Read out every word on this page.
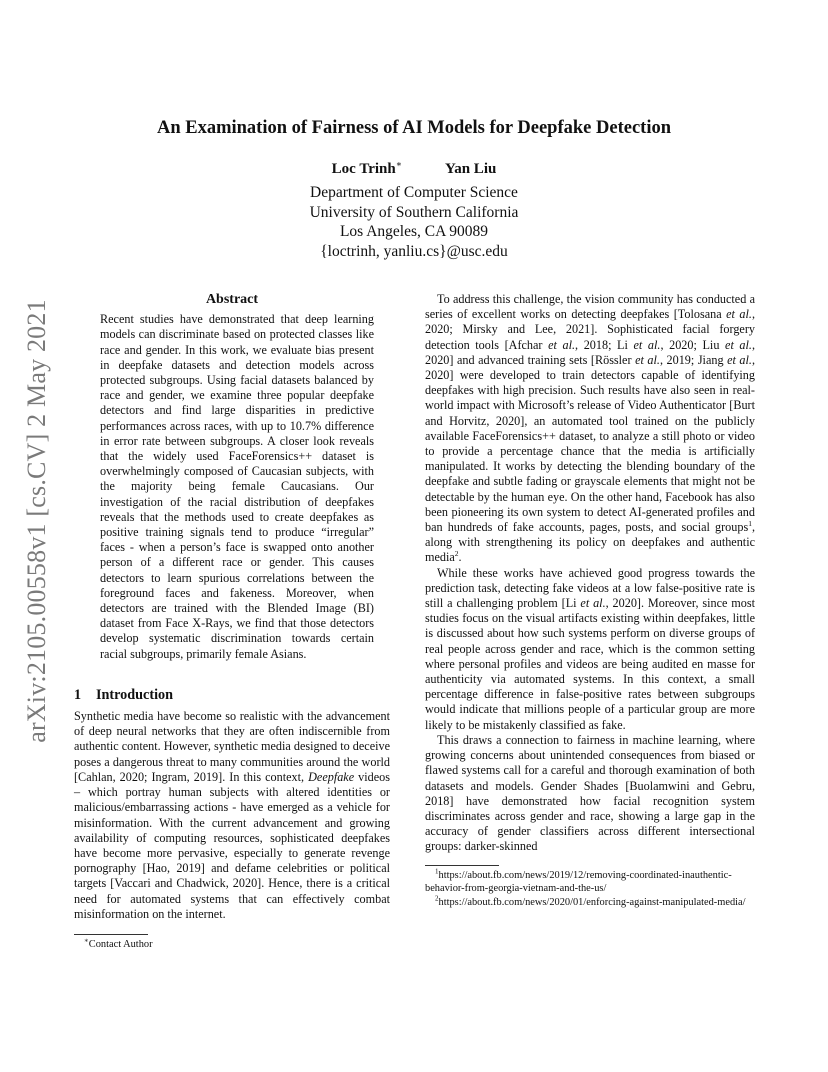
arXiv:2105.00558v1 [cs.CV] 2 May 2021
An Examination of Fairness of AI Models for Deepfake Detection
Loc Trinh∗	Yan Liu
Department of Computer Science
University of Southern California
Los Angeles, CA 90089
{loctrinh, yanliu.cs}@usc.edu

Abstract

Recent studies have demonstrated that deep learning models can discriminate based on protected classes like race and gender. In this work, we evaluate bias present in deepfake datasets and detection models across protected subgroups. Using facial datasets balanced by race and gender, we examine three popular deepfake detectors and find large disparities in predictive performances across races, with up to 10.7% difference in error rate between subgroups. A closer look reveals that the widely used FaceForensics++ dataset is overwhelmingly composed of Caucasian subjects, with the majority being female Caucasians. Our investigation of the racial distribution of deepfakes reveals that the methods used to create deepfakes as positive training signals tend to produce “irregular” faces - when a person’s face is swapped onto another person of a different race or gender. This causes detectors to learn spurious correlations between the foreground faces and fakeness. Moreover, when detectors are trained with the Blended Image (BI) dataset from Face X-Rays, we find that those detectors develop systematic discrimination towards certain racial subgroups, primarily female Asians.

1 Introduction

Synthetic media have become so realistic with the advancement of deep neural networks that they are often indiscernible from authentic content. However, synthetic media designed to deceive poses a dangerous threat to many communities around the world [Cahlan, 2020; Ingram, 2019]. In this context, Deepfake videos – which portray human subjects with altered identities or malicious/embarrassing actions - have emerged as a vehicle for misinformation. With the current advancement and growing availability of computing resources, sophisticated deepfakes have become more pervasive, especially to generate revenge pornography [Hao, 2019] and defame celebrities or political targets [Vaccari and Chadwick, 2020]. Hence, there is a critical need for automated systems that can effectively combat misinformation on the internet.

∗Contact Author

To address this challenge, the vision community has conducted a series of excellent works on detecting deepfakes [Tolosana et al., 2020; Mirsky and Lee, 2021]. Sophisticated facial forgery detection tools [Afchar et al., 2018; Li et al., 2020; Liu et al., 2020] and advanced training sets [Rössler et al., 2019; Jiang et al., 2020] were developed to train detectors capable of identifying deepfakes with high precision. Such results have also seen in real-world impact with Microsoft’s release of Video Authenticator [Burt and Horvitz, 2020], an automated tool trained on the publicly available FaceForensics++ dataset, to analyze a still photo or video to provide a percentage chance that the media is artificially manipulated. It works by detecting the blending boundary of the deepfake and subtle fading or grayscale elements that might not be detectable by the human eye. On the other hand, Facebook has also been pioneering its own system to detect AI-generated profiles and ban hundreds of fake accounts, pages, posts, and social groups$^1$, along with strengthening its policy on deepfakes and authentic media$^2$.

While these works have achieved good progress towards the prediction task, detecting fake videos at a low false-positive rate is still a challenging problem [Li et al., 2020]. Moreover, since most studies focus on the visual artifacts existing within deepfakes, little is discussed about how such systems perform on diverse groups of real people across gender and race, which is the common setting where personal profiles and videos are being audited en masse for authenticity via automated systems. In this context, a small percentage difference in false-positive rates between subgroups would indicate that millions people of a particular group are more likely to be mistakenly classified as fake.

This draws a connection to fairness in machine learning, where growing concerns about unintended consequences from biased or flawed systems call for a careful and thorough examination of both datasets and models. Gender Shades [Buolamwini and Gebru, 2018] have demonstrated how facial recognition system discriminates across gender and race, showing a large gap in the accuracy of gender classifiers across different intersectional groups: darker-skinned

$^1$https://about.fb.com/news/2019/12/removing-coordinated-inauthentic-behavior-from-georgia-vietnam-and-the-us/
$^2$https://about.fb.com/news/2020/01/enforcing-against-manipulated-media/
